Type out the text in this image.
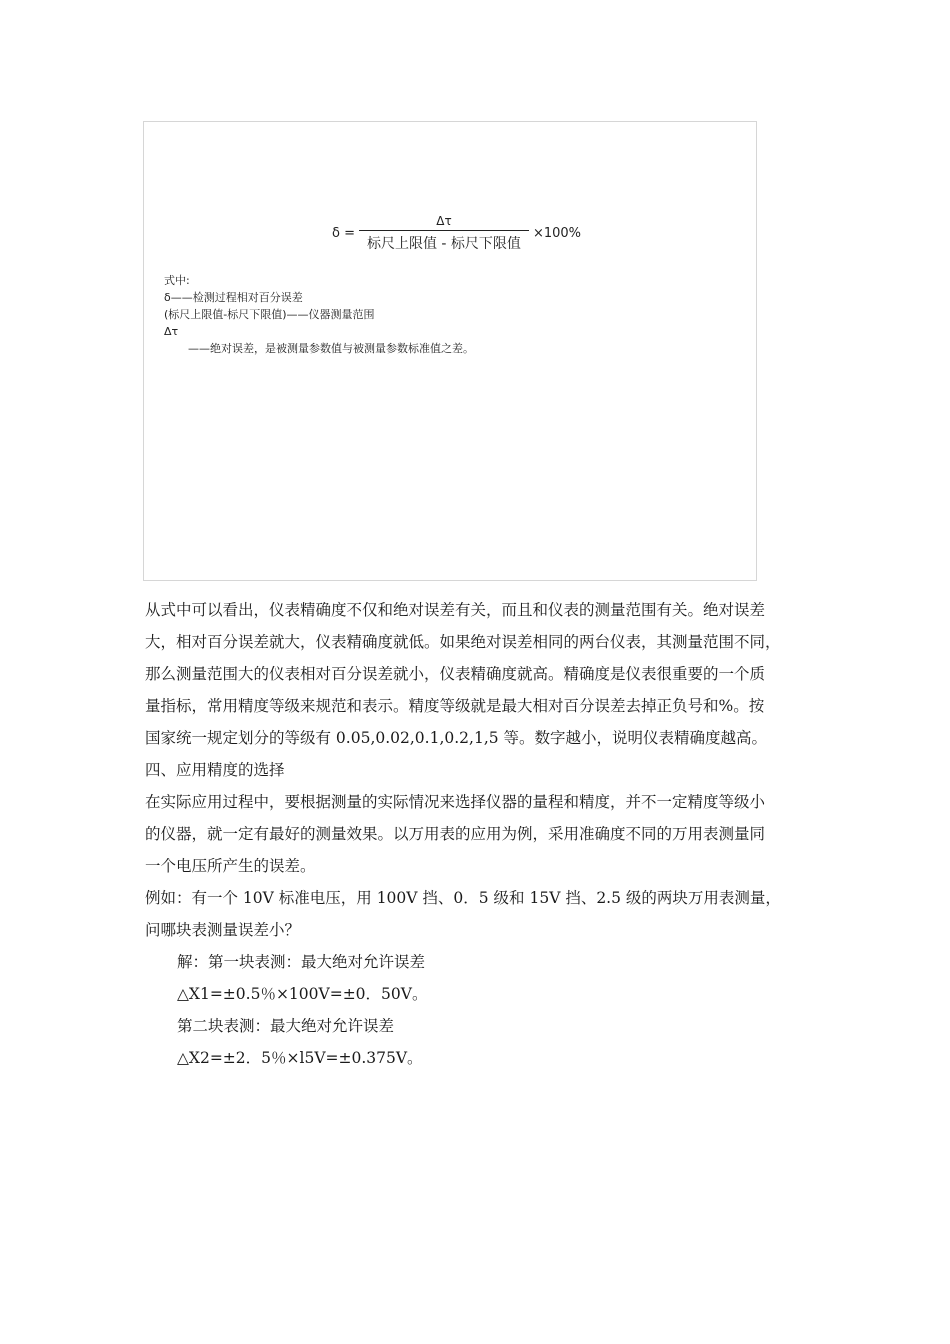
$\delta = \frac{\Delta\tau}{\text{标尺上限值 - 标尺下限值}} \times 100\%$
式中:
δ——检测过程相对百分误差
(标尺上限值-标尺下限值)——仪器测量范围
Δτ
——绝对误差，是被测量参数值与被测量参数标准值之差。

从式中可以看出，仪表精确度不仅和绝对误差有关，而且和仪表的测量范围有关。绝对误差

大，相对百分误差就大，仪表精确度就低。如果绝对误差相同的两台仪表，其测量范围不同，

那么测量范围大的仪表相对百分误差就小，仪表精确度就高。精确度是仪表很重要的一个质

量指标，常用精度等级来规范和表示。精度等级就是最大相对百分误差去掉正负号和%。按

国家统一规定划分的等级有 0.05,0.02,0.1,0.2,1,5 等。数字越小，说明仪表精确度越高。

四、应用精度的选择

在实际应用过程中，要根据测量的实际情况来选择仪器的量程和精度，并不一定精度等级小

的仪器，就一定有最好的测量效果。以万用表的应用为例，采用准确度不同的万用表测量同

一个电压所产生的误差。

例如：有一个 10V 标准电压，用 100V 挡、0．5 级和 15V 挡、2.5 级的两块万用表测量，

问哪块表测量误差小？

解：第一块表测：最大绝对允许误差

△X1=±0.5％×100V=±0．50V。

第二块表测：最大绝对允许误差

△X2=±2．5％×l5V=±0.375V。
